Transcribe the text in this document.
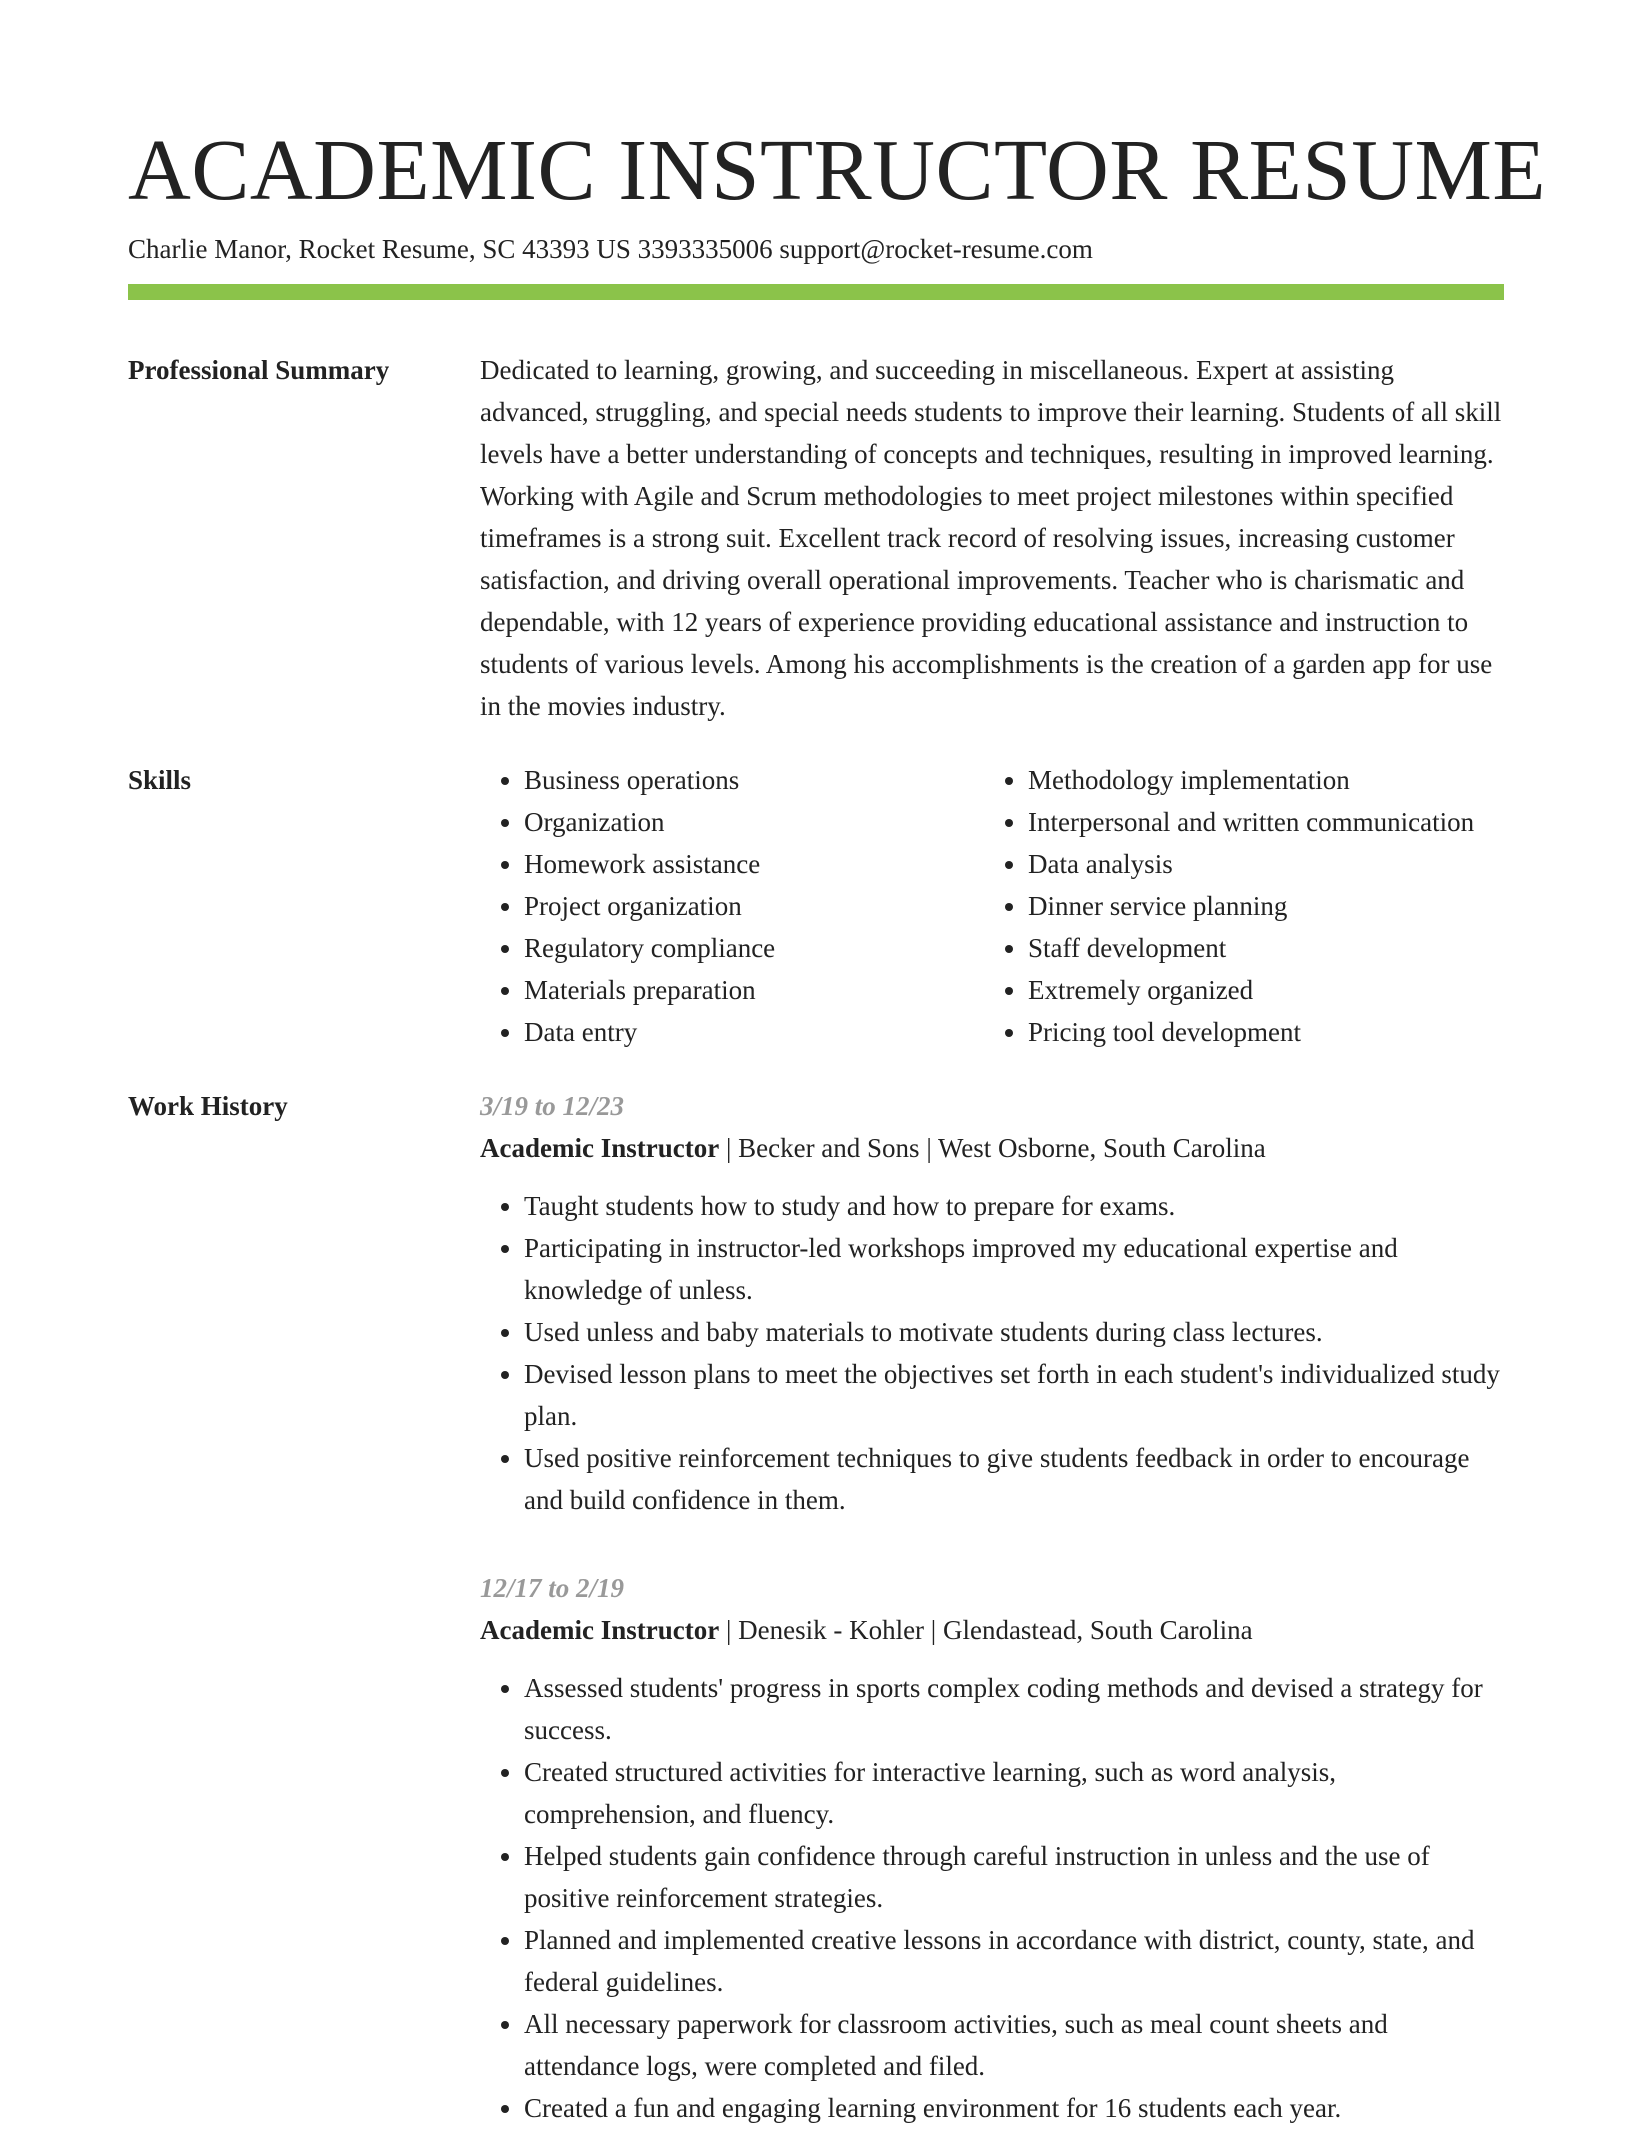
ACADEMIC INSTRUCTOR RESUME
Charlie Manor, Rocket Resume, SC 43393 US 3393335006 support@rocket-resume.com
Professional Summary	Dedicated to learning, growing, and succeeding in miscellaneous. Expert at assisting advanced, struggling, and special needs students to improve their learning. Students of all skill levels have a better understanding of concepts and techniques, resulting in improved learning. Working with Agile and Scrum methodologies to meet project milestones within specified timeframes is a strong suit. Excellent track record of resolving issues, increasing customer satisfaction, and driving overall operational improvements. Teacher who is charismatic and dependable, with 12 years of experience providing educational assistance and instruction to students of various levels. Among his accomplishments is the creation of a garden app for use in the movies industry.

Skills
•	Business operations
• Organization
• Homework assistance
• Project organization
• Regulatory compliance
• Materials preparation
• Data entry
• Methodology implementation
• Interpersonal and written communication
• Data analysis
• Dinner service planning
• Staff development
• Extremely organized
• Pricing tool development
Work History	3/19 to 12/23
Academic Instructor | Becker and Sons | West Osborne, South Carolina
• Taught students how to study and how to prepare for exams.
• Participating in instructor-led workshops improved my educational expertise and knowledge of unless.
• Used unless and baby materials to motivate students during class lectures.
• Devised lesson plans to meet the objectives set forth in each student's individualized study plan.
• Used positive reinforcement techniques to give students feedback in order to encourage and build confidence in them.
12/17 to 2/19
Academic Instructor | Denesik - Kohler | Glendastead, South Carolina
• Assessed students' progress in sports complex coding methods and devised a strategy for success.
• Created structured activities for interactive learning, such as word analysis, comprehension, and fluency.
• Helped students gain confidence through careful instruction in unless and the use of positive reinforcement strategies.
• Planned and implemented creative lessons in accordance with district, county, state, and federal guidelines.
• All necessary paperwork for classroom activities, such as meal count sheets and attendance logs, were completed and filed.
• Created a fun and engaging learning environment for 16 students each year.
